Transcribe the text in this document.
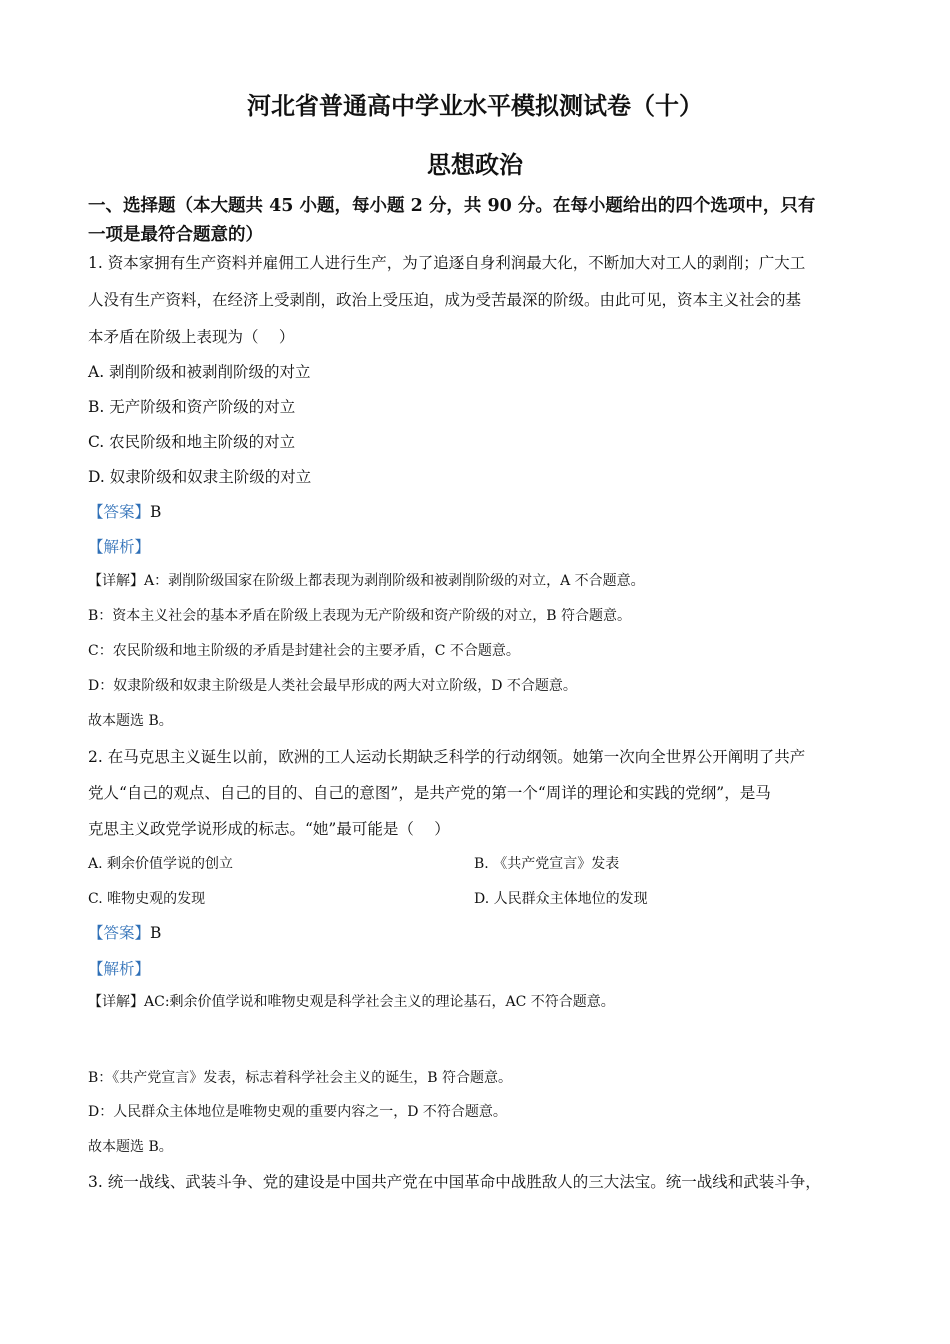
河北省普通高中学业水平模拟测试卷（十）
思想政治
一、选择题（本大题共 45 小题，每小题 2 分，共 90 分。在每小题给出的四个选项中，只有
一项是最符合题意的）
1. 资本家拥有生产资料并雇佣工人进行生产，为了追逐自身利润最大化，不断加大对工人的剥削；广大工
人没有生产资料，在经济上受剥削，政治上受压迫，成为受苦最深的阶级。由此可见，资本主义社会的基
本矛盾在阶级上表现为（　 ）
A. 剥削阶级和被剥削阶级的对立
B. 无产阶级和资产阶级的对立
C. 农民阶级和地主阶级的对立
D. 奴隶阶级和奴隶主阶级的对立
【答案】B
【解析】
【详解】A：剥削阶级国家在阶级上都表现为剥削阶级和被剥削阶级的对立，A 不合题意。
B：资本主义社会的基本矛盾在阶级上表现为无产阶级和资产阶级的对立，B 符合题意。
C：农民阶级和地主阶级的矛盾是封建社会的主要矛盾，C 不合题意。
D：奴隶阶级和奴隶主阶级是人类社会最早形成的两大对立阶级，D 不合题意。
故本题选 B。
2. 在马克思主义诞生以前，欧洲的工人运动长期缺乏科学的行动纲领。她第一次向全世界公开阐明了共产
党人“自己的观点、自己的目的、自己的意图”，是共产党的第一个“周详的理论和实践的党纲”，是马
克思主义政党学说形成的标志。“她”最可能是（　 ）
A. 剩余价值学说的创立	B. 《共产党宣言》发表
C. 唯物史观的发现	D. 人民群众主体地位的发现
【答案】B
【解析】
【详解】AC:剩余价值学说和唯物史观是科学社会主义的理论基石，AC 不符合题意。
B：《共产党宣言》发表，标志着科学社会主义的诞生，B 符合题意。
D：人民群众主体地位是唯物史观的重要内容之一，D 不符合题意。
故本题选 B。
3. 统一战线、武装斗争、党的建设是中国共产党在中国革命中战胜敌人的三大法宝。统一战线和武装斗争，
